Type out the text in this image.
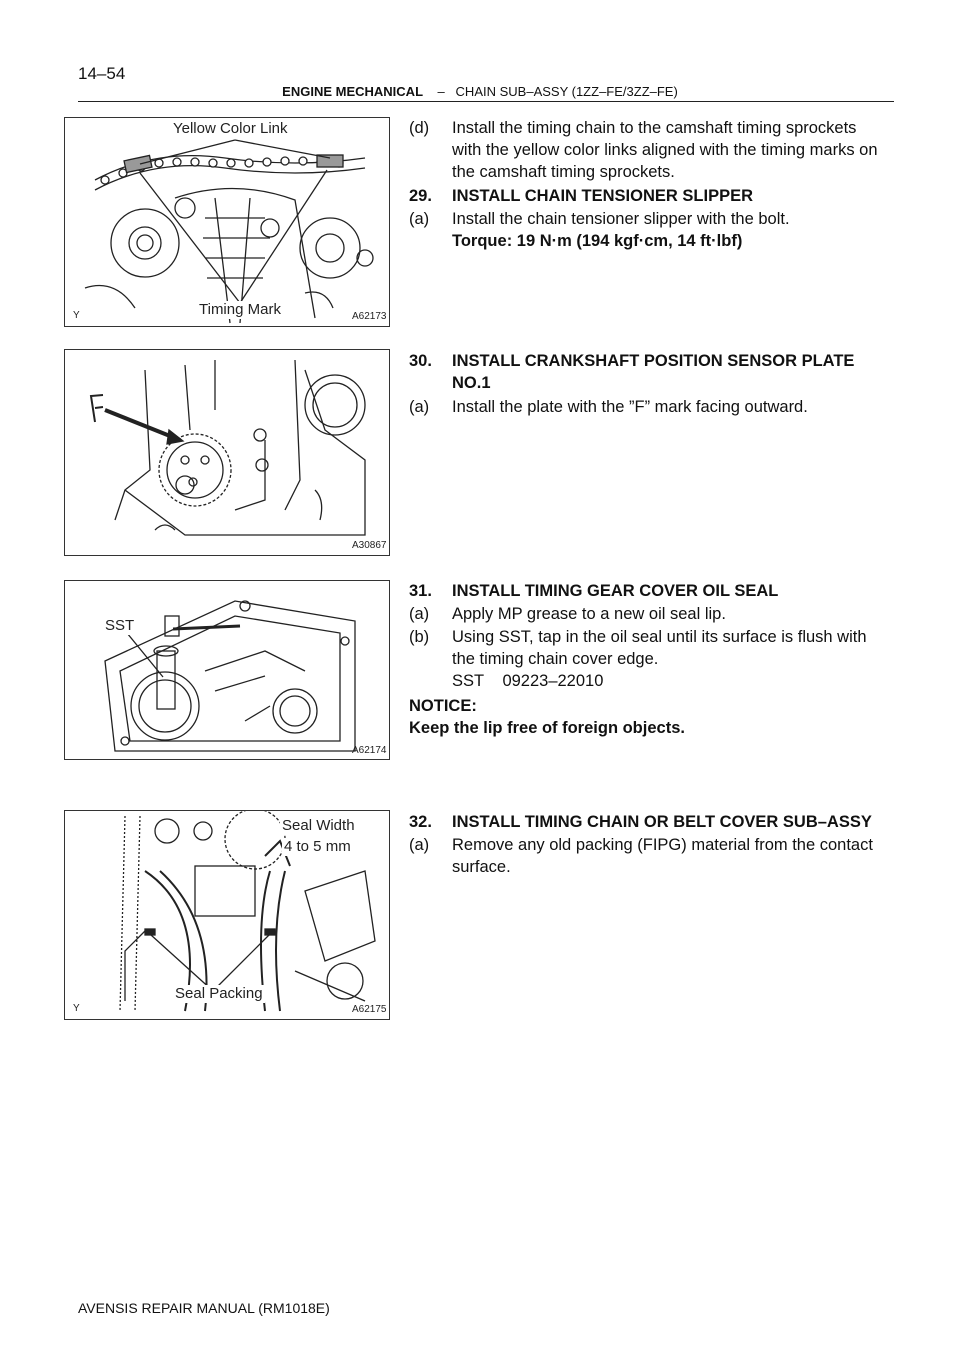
14–54
ENGINE MECHANICAL – CHAIN SUB–ASSY (1ZZ–FE/3ZZ–FE)
Yellow Color Link
Timing Mark
Y	A62173
A30867
SST
A62174
Seal Width
4 to 5 mm
Seal Packing
Y	A62175
(d) Install the timing chain to the camshaft timing sprockets
with the yellow color links aligned with the timing marks on
the camshaft timing sprockets.
29. INSTALL CHAIN TENSIONER SLIPPER
(a) Install the chain tensioner slipper with the bolt.
Torque: 19 N·m (194 kgf·cm, 14 ft·lbf)
30. INSTALL CRANKSHAFT POSITION SENSOR PLATE
NO.1
(a) Install the plate with the ”F” mark facing outward.
31. INSTALL TIMING GEAR COVER OIL SEAL
(a) Apply MP grease to a new oil seal lip.
(b) Using SST, tap in the oil seal until its surface is flush with
the timing chain cover edge.
SST 09223–22010
NOTICE:
Keep the lip free of foreign objects.
32. INSTALL TIMING CHAIN OR BELT COVER SUB–ASSY
(a) Remove any old packing (FIPG) material from the contact
surface.
AVENSIS REPAIR MANUAL (RM1018E)
